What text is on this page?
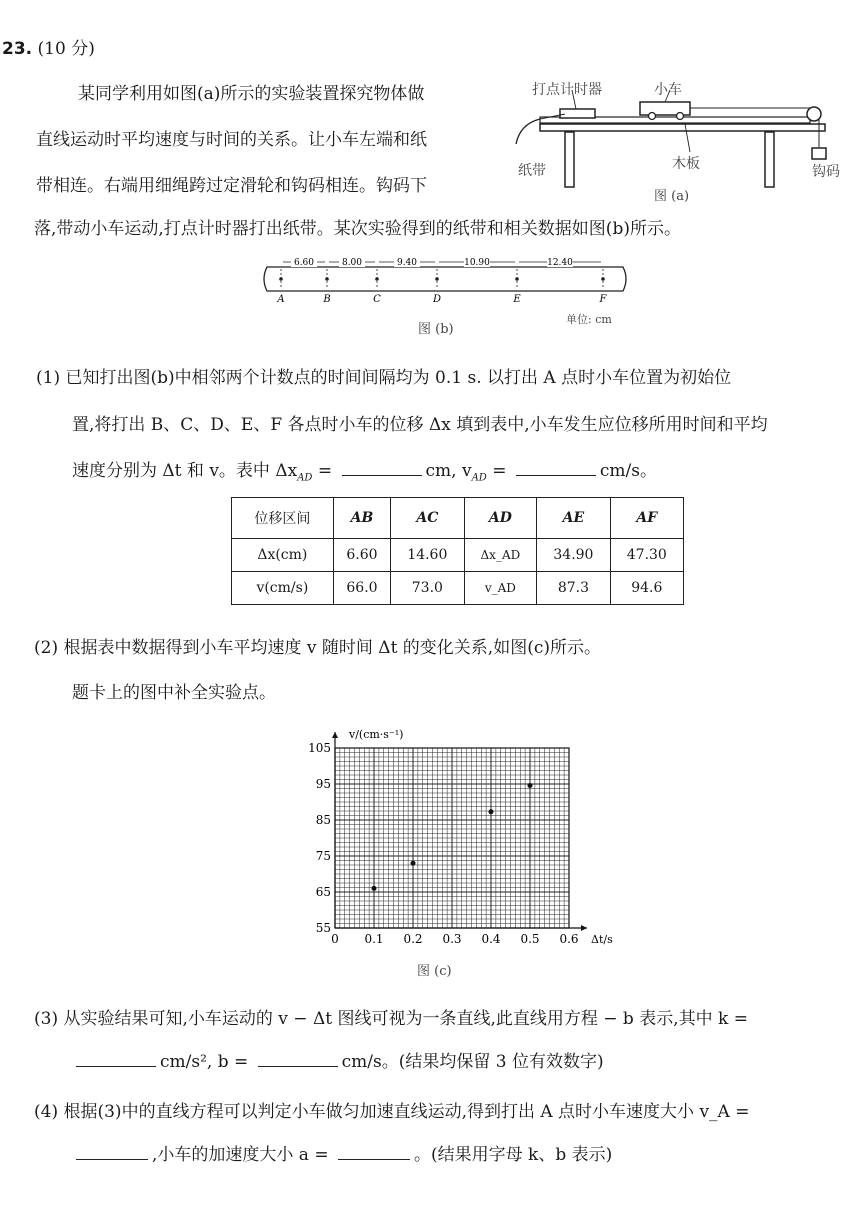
23. (10 分)
某同学利用如图(a)所示的实验装置探究物体做
直线运动时平均速度与时间的关系。让小车左端和纸
带相连。右端用细绳跨过定滑轮和钩码相连。钩码下
落,带动小车运动,打点计时器打出纸带。某次实验得到的纸带和相关数据如图(b)所示。
打点计时器	小车
纸带	木板	钩码
图 (a)
A	B	C	D	E	F
6.60	8.00	9.40	10.90	12.40
图 (b)
单位: cm
(1) 已知打出图(b)中相邻两个计数点的时间间隔均为 0.1 s. 以打出 A 点时小车位置为初始位
置,将打出 B、C、D、E、F 各点时小车的位移 Δx 填到表中,小车发生应位移所用时间和平均
速度分别为 Δt 和 v。表中 $\Delta x_{AD}$ =	cm, $v_{AD}$ =	cm/s。
位移区间	AB	AC	AD	AE	AF
Δx(cm)	6.60	14.60	Δx_AD	34.90	47.30
v(cm/s)	66.0	73.0	v_AD	87.3	94.6
(2) 根据表中数据得到小车平均速度 v 随时间 Δt 的变化关系,如图(c)所示。
题卡上的图中补全实验点。
0 0.1 0.2 0.3 0.4 0.5 0.6
55
65
75
85
95
105
Δt/s
v/(cm·s⁻¹)
图 (c)
(3) 从实验结果可知,小车运动的 v − Δt 图线可视为一条直线,此直线用方程 − b 表示,其中 k =
cm/s², b =	cm/s。(结果均保留 3 位有效数字)
(4) 根据(3)中的直线方程可以判定小车做匀加速直线运动,得到打出 A 点时小车速度大小 v_A =
,小车的加速度大小 a =	。(结果用字母 k、b 表示)
